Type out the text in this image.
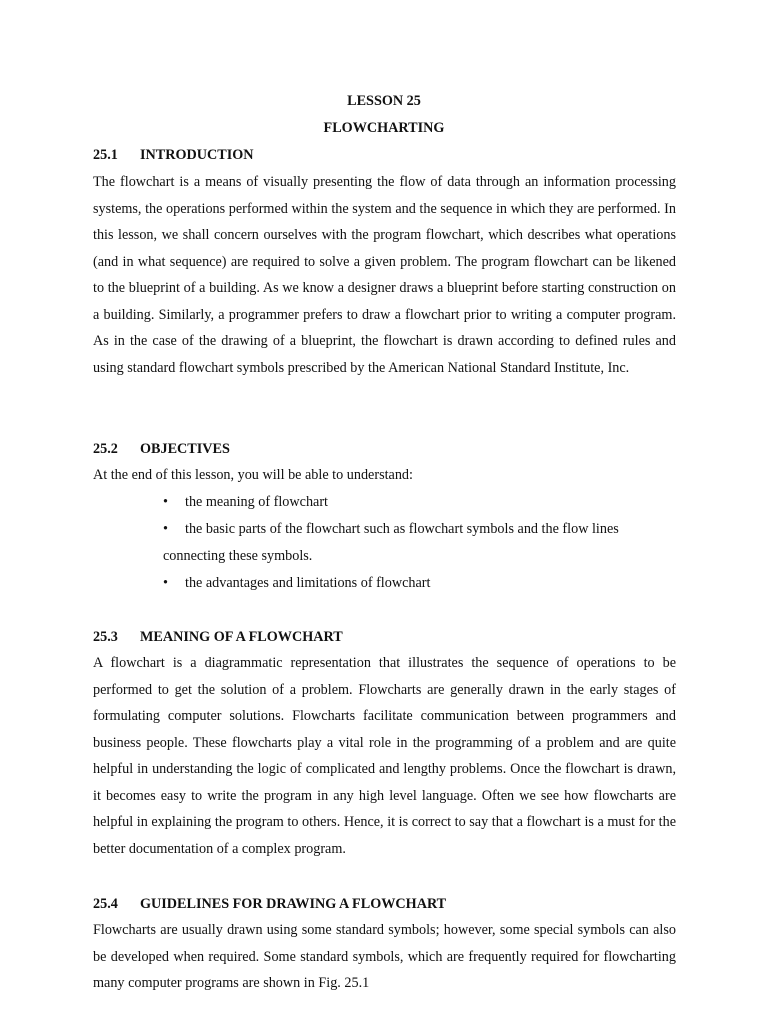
LESSON 25
FLOWCHARTING
25.1 INTRODUCTION

The flowchart is a means of visually presenting the flow of data through an information processing systems, the operations performed within the system and the sequence in which they are performed. In this lesson, we shall concern ourselves with the program flowchart, which describes what operations (and in what sequence) are required to solve a given problem. The program flowchart can be likened to the blueprint of a building. As we know a designer draws a blueprint before starting construction on a building. Similarly, a programmer prefers to draw a flowchart prior to writing a computer program. As in the case of the drawing of a blueprint, the flowchart is drawn according to defined rules and using standard flowchart symbols prescribed by the American National Standard Institute, Inc.

25.2 OBJECTIVES
At the end of this lesson, you will be able to understand:

• the meaning of flowchart

• the basic parts of the flowchart such as flowchart symbols and the flow lines connecting these symbols.

• the advantages and limitations of flowchart

25.3 MEANING OF A FLOWCHART

A flowchart is a diagrammatic representation that illustrates the sequence of operations to be performed to get the solution of a problem. Flowcharts are generally drawn in the early stages of formulating computer solutions. Flowcharts facilitate communication between programmers and business people. These flowcharts play a vital role in the programming of a problem and are quite helpful in understanding the logic of complicated and lengthy problems. Once the flowchart is drawn, it becomes easy to write the program in any high level language. Often we see how flowcharts are helpful in explaining the program to others. Hence, it is correct to say that a flowchart is a must for the better documentation of a complex program.

25.4 GUIDELINES FOR DRAWING A FLOWCHART

Flowcharts are usually drawn using some standard symbols; however, some special symbols can also be developed when required. Some standard symbols, which are frequently required for flowcharting many computer programs are shown in Fig. 25.1
